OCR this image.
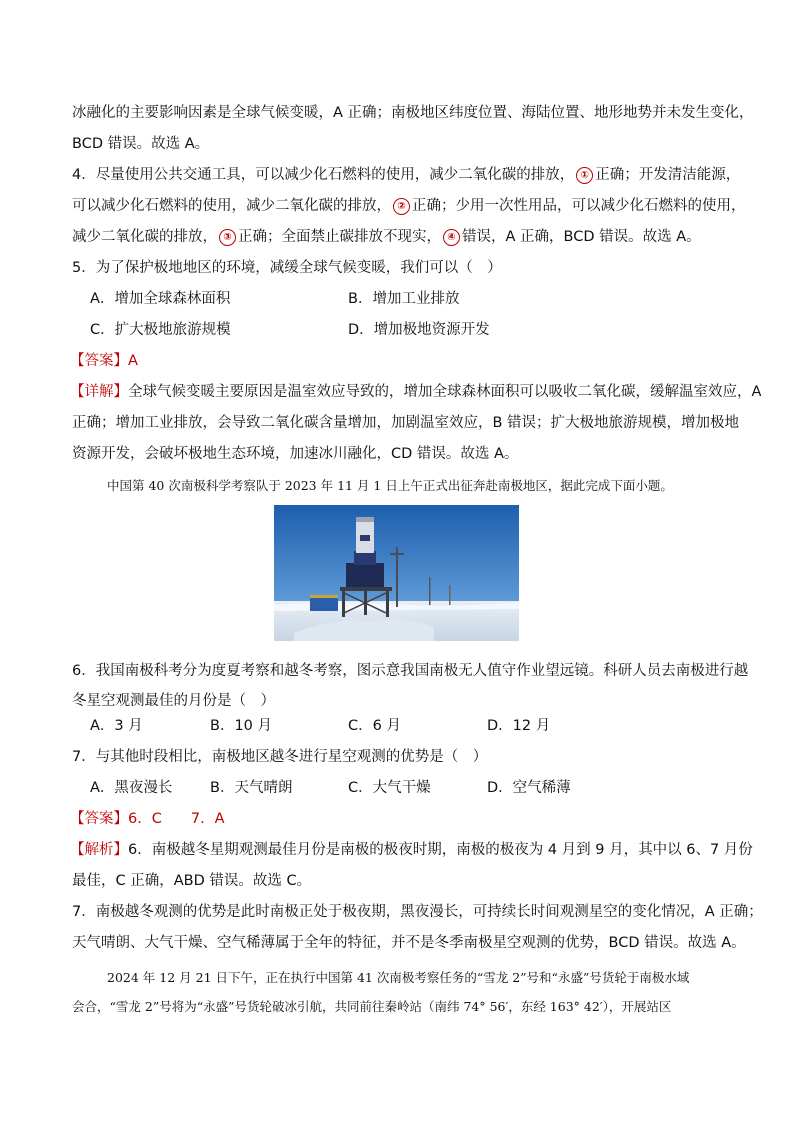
冰融化的主要影响因素是全球气候变暖，A 正确；南极地区纬度位置、海陆位置、地形地势并未发生变化，
BCD 错误。故选 A。
4．尽量使用公共交通工具，可以减少化石燃料的使用，减少二氧化碳的排放， ① 正确；开发清洁能源，
可以减少化石燃料的使用，减少二氧化碳的排放， ② 正确；少用一次性用品，可以减少化石燃料的使用，
减少二氧化碳的排放， ③ 正确；全面禁止碳排放不现实， ④ 错误，A 正确，BCD 错误。故选 A。
5．为了保护极地地区的环境，减缓全球气候变暖，我们可以（　）
A．增加全球森林面积	B．增加工业排放
C．扩大极地旅游规模	D．增加极地资源开发
【答案】A
【详解】全球气候变暖主要原因是温室效应导致的，增加全球森林面积可以吸收二氧化碳，缓解温室效应，A
正确；增加工业排放，会导致二氧化碳含量增加，加剧温室效应，B 错误；扩大极地旅游规模，增加极地
资源开发，会破坏极地生态环境，加速冰川融化，CD 错误。故选 A。
中国第 40 次南极科学考察队于 2023 年 11 月 1 日上午正式出征奔赴南极地区，据此完成下面小题。
6．我国南极科考分为度夏考察和越冬考察，图示意我国南极无人值守作业望远镜。科研人员去南极进行越
冬星空观测最佳的月份是（　）
A．3 月	B．10 月	C．6 月	D．12 月
7．与其他时段相比，南极地区越冬进行星空观测的优势是（　）
A．黑夜漫长	B．天气晴朗	C．大气干燥	D．空气稀薄
【答案】6．C　　7．A
【解析】6．南极越冬星期观测最佳月份是南极的极夜时期，南极的极夜为 4 月到 9 月，其中以 6、7 月份
最佳，C 正确，ABD 错误。故选 C。
7．南极越冬观测的优势是此时南极正处于极夜期，黑夜漫长，可持续长时间观测星空的变化情况，A 正确；
天气晴朗、大气干燥、空气稀薄属于全年的特征，并不是冬季南极星空观测的优势，BCD 错误。故选 A。
2024 年 12 月 21 日下午，正在执行中国第 41 次南极考察任务的“雪龙 2”号和“永盛”号货轮于南极水域
会合，“雪龙 2”号将为“永盛”号货轮破冰引航，共同前往秦岭站（南纬 74° 56′，东经 163° 42′），开展站区
